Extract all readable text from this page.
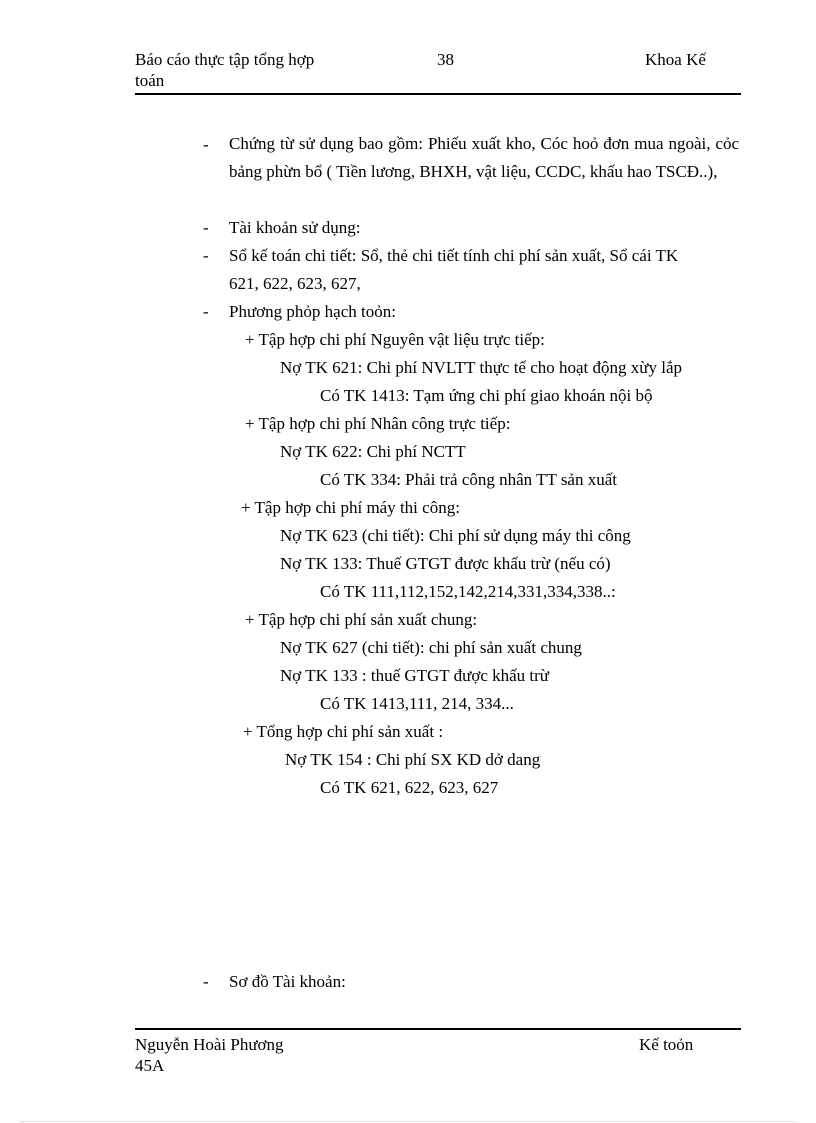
Báo cáo thực tập tổng hợp
toán
38	Khoa Kế
- Chứng từ sử dụng bao gồm: Phiếu xuất kho, Cóc hoỏ đơn mua ngoài, cỏc bảng phừn bổ ( Tiền lương, BHXH, vật liệu, CCDC, khấu hao TSCĐ..),
- Tài khoản sử dụng:
- Sổ kế toán chi tiết: Sổ, thẻ chi tiết tính chi phí sản xuất, Sổ cái TK
621, 622, 623, 627,
- Phương phỏp hạch toỏn:
+ Tập hợp chi phí Nguyên vật liệu trực tiếp:
Nợ TK 621: Chi phí NVLTT thực tế cho hoạt động xừy lắp
Có TK 1413: Tạm ứng chi phí giao khoán nội bộ
+ Tập hợp chi phí Nhân công trực tiếp:
Nợ TK 622: Chi phí NCTT
Có TK 334: Phải trả công nhân TT sản xuất
+ Tập hợp chi phí máy thi công:
Nợ TK 623 (chi tiết): Chi phí sử dụng máy thi công
Nợ TK 133: Thuế GTGT được khấu trừ (nếu có)
Có TK 111,112,152,142,214,331,334,338..:
+ Tập hợp chi phí sản xuất chung:
Nợ TK 627 (chi tiết): chi phí sản xuất chung
Nợ TK 133 : thuế GTGT được khấu trừ
Có TK 1413,111, 214, 334...
+ Tổng hợp chi phí sản xuất :
Nợ TK 154 : Chi phí SX KD dở dang
Có TK 621, 622, 623, 627
- Sơ đồ Tài khoản:
Nguyễn Hoài Phương
45A
Kế toỏn
